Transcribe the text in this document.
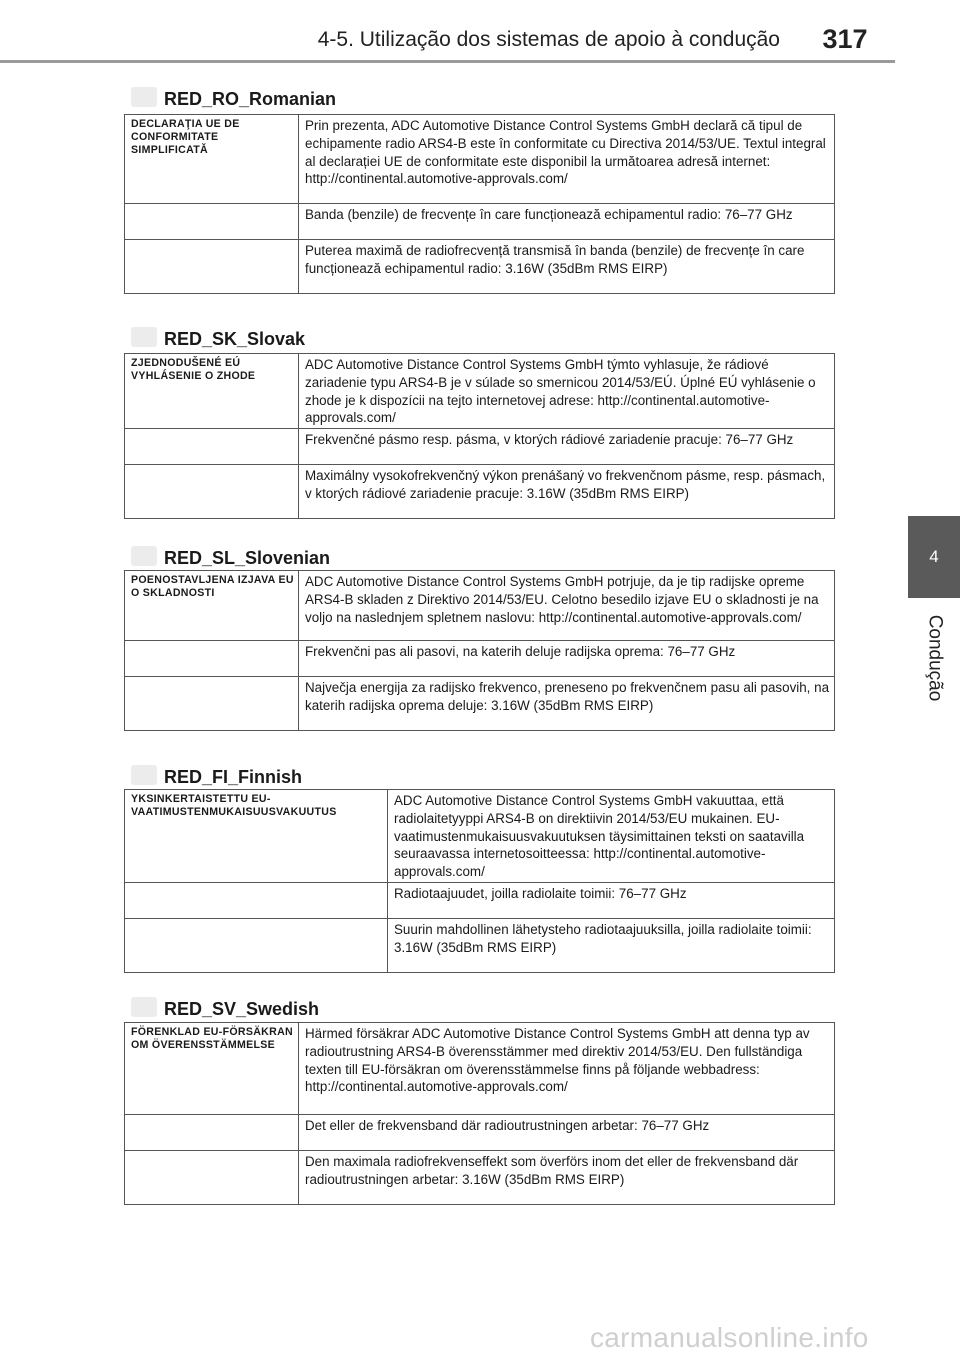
4-5. Utilização dos sistemas de apoio à condução	317
4
Condução
RED_RO_Romanian
DECLARAŢIA UE DE CONFORMITATE SIMPLIFICATĂ	Prin prezenta, ADC Automotive Distance Control Systems GmbH declară că tipul de echipamente radio ARS4-B este în conformitate cu Directiva 2014/53/UE. Textul integral al declarației UE de conformitate este disponibil la următoarea adresă internet: http://continental.automotive-approvals.com/
	Banda (benzile) de frecvențe în care funcționează echipamentul radio: 76–77 GHz
	Puterea maximă de radiofrecvență transmisă în banda (benzile) de frecvențe în care funcționează echipamentul radio: 3.16W (35dBm RMS EIRP)
RED_SK_Slovak
ZJEDNODUŠENÉ EÚ VYHLÁSENIE O ZHODE	ADC Automotive Distance Control Systems GmbH týmto vyhlasuje, že rádiové zariadenie typu ARS4-B je v súlade so smernicou 2014/53/EÚ. Úplné EÚ vyhlásenie o zhode je k dispozícii na tejto internetovej adrese: http://continental.automotive-approvals.com/
	Frekvenčné pásmo resp. pásma, v ktorých rádiové zariadenie pracuje: 76–77 GHz
	Maximálny vysokofrekvenčný výkon prenášaný vo frekvenčnom pásme, resp. pásmach, v ktorých rádiové zariadenie pracuje: 3.16W (35dBm RMS EIRP)
RED_SL_Slovenian
POENOSTAVLJENA IZJAVA EU O SKLADNOSTI	ADC Automotive Distance Control Systems GmbH potrjuje, da je tip radijske opreme ARS4-B skladen z Direktivo 2014/53/EU. Celotno besedilo izjave EU o skladnosti je na voljo na naslednjem spletnem naslovu: http://continental.automotive-approvals.com/
	Frekvenčni pas ali pasovi, na katerih deluje radijska oprema: 76–77 GHz
	Največja energija za radijsko frekvenco, preneseno po frekvenčnem pasu ali pasovih, na katerih radijska oprema deluje: 3.16W (35dBm RMS EIRP)
RED_FI_Finnish
YKSINKERTAISTETTU EU-VAATIMUSTENMUKAISUUSVAKUUTUS	ADC Automotive Distance Control Systems GmbH vakuuttaa, että radiolaitetyyppi ARS4-B on direktiivin 2014/53/EU mukainen. EU-vaatimustenmukaisuusvakuutuksen täysimittainen teksti on saatavilla seuraavassa internetosoitteessa: http://continental.automotive-approvals.com/
	Radiotaajuudet, joilla radiolaite toimii: 76–77 GHz
	Suurin mahdollinen lähetysteho radiotaajuuksilla, joilla radiolaite toimii: 3.16W (35dBm RMS EIRP)
RED_SV_Swedish
FÖRENKLAD EU-FÖRSÄKRAN OM ÖVERENSSTÄMMELSE	Härmed försäkrar ADC Automotive Distance Control Systems GmbH att denna typ av radioutrustning ARS4-B överensstämmer med direktiv 2014/53/EU. Den fullständiga texten till EU-försäkran om överensstämmelse finns på följande webbadress: http://continental.automotive-approvals.com/
	Det eller de frekvensband där radioutrustningen arbetar: 76–77 GHz
	Den maximala radiofrekvenseffekt som överförs inom det eller de frekvensband där radioutrustningen arbetar: 3.16W (35dBm RMS EIRP)
carmanualsonline.info
